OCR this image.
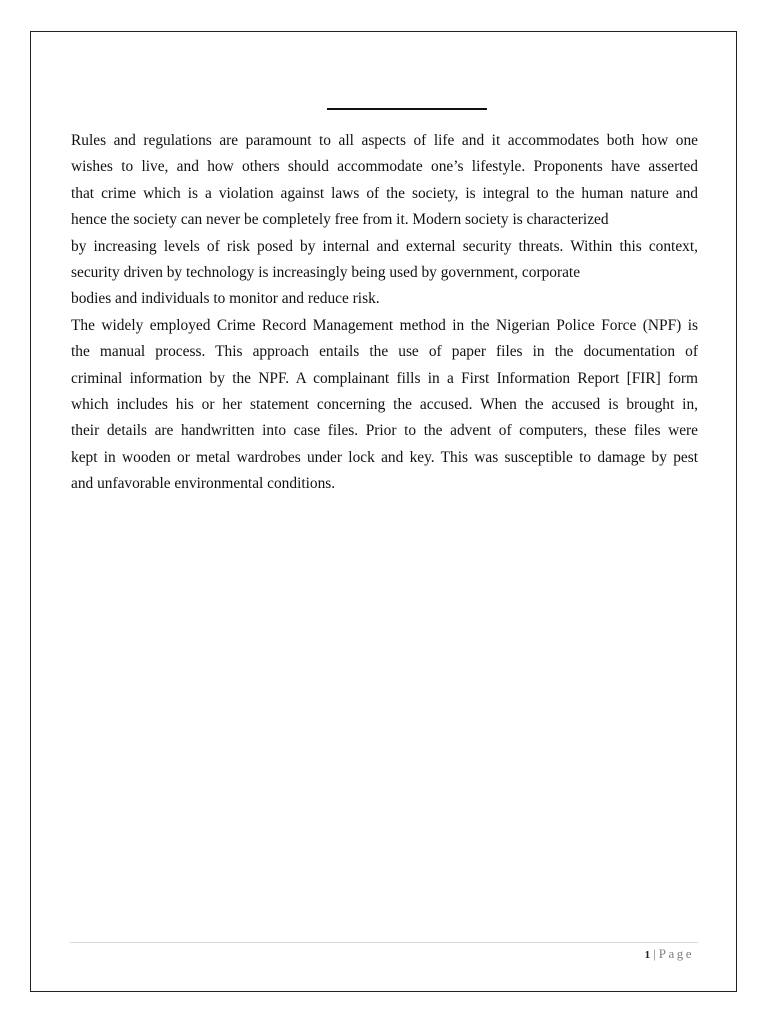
Rules and regulations are paramount to all aspects of life and it accommodates both how one
wishes to live, and how others should accommodate one’s lifestyle. Proponents have asserted
that crime which is a violation against laws of the society, is integral to the human nature and
hence the society can never be completely free from it. Modern society is characterized
by increasing levels of risk posed by internal and external security threats. Within this context,
security driven by technology is increasingly being used by government, corporate
bodies and individuals to monitor and reduce risk.

The widely employed Crime Record Management method in the Nigerian Police Force (NPF) is
the manual process. This approach entails the use of paper files in the documentation of
criminal information by the NPF. A complainant fills in a First Information Report [FIR] form
which includes his or her statement concerning the accused. When the accused is brought in,
their details are handwritten into case files. Prior to the advent of computers, these files were
kept in wooden or metal wardrobes under lock and key. This was susceptible to damage by pest
and unfavorable environmental conditions.

1 | Page
